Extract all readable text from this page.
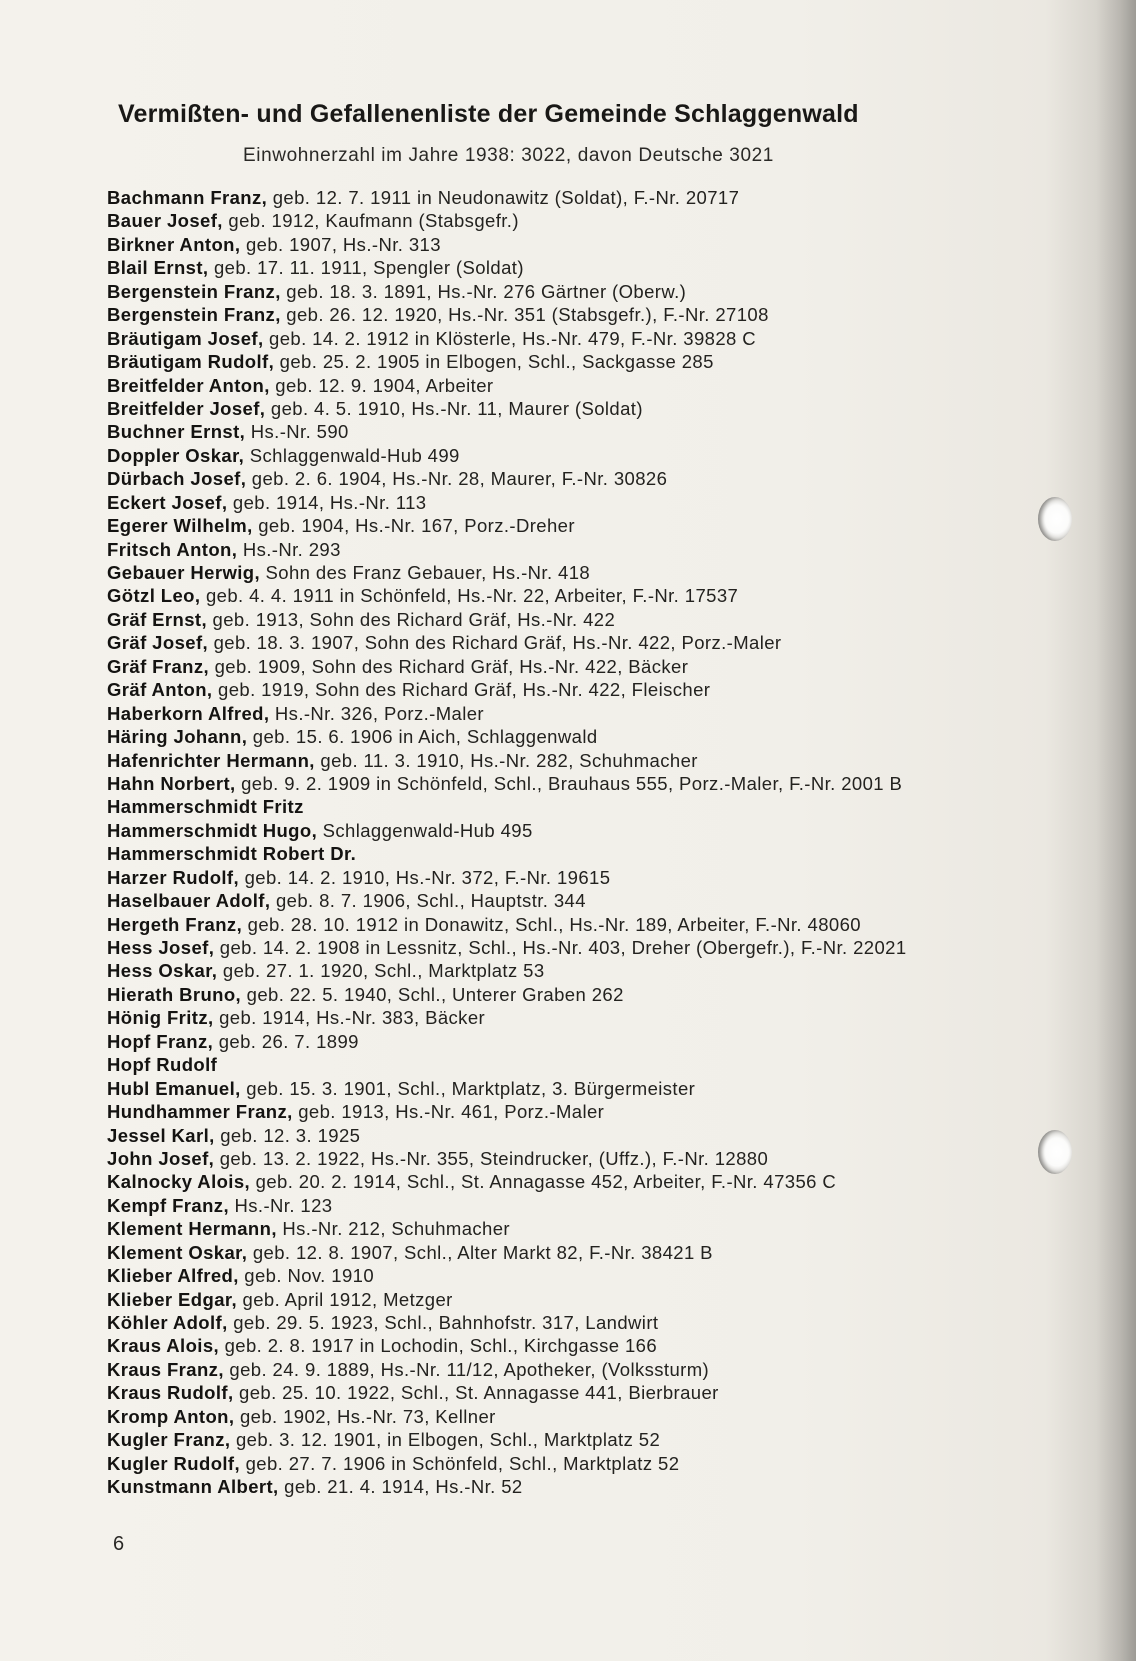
Vermißten- und Gefallenenliste der Gemeinde Schlaggenwald

Einwohnerzahl im Jahre 1938: 3022, davon Deutsche 3021

Bachmann Franz, geb. 12. 7. 1911 in Neudonawitz (Soldat), F.-Nr. 20717
Bauer Josef, geb. 1912, Kaufmann (Stabsgefr.)
Birkner Anton, geb. 1907, Hs.-Nr. 313
Blail Ernst, geb. 17. 11. 1911, Spengler (Soldat)
Bergenstein Franz, geb. 18. 3. 1891, Hs.-Nr. 276 Gärtner (Oberw.)
Bergenstein Franz, geb. 26. 12. 1920, Hs.-Nr. 351 (Stabsgefr.), F.-Nr. 27108
Bräutigam Josef, geb. 14. 2. 1912 in Klösterle, Hs.-Nr. 479, F.-Nr. 39828 C
Bräutigam Rudolf, geb. 25. 2. 1905 in Elbogen, Schl., Sackgasse 285
Breitfelder Anton, geb. 12. 9. 1904, Arbeiter
Breitfelder Josef, geb. 4. 5. 1910, Hs.-Nr. 11, Maurer (Soldat)
Buchner Ernst, Hs.-Nr. 590
Doppler Oskar, Schlaggenwald-Hub 499
Dürbach Josef, geb. 2. 6. 1904, Hs.-Nr. 28, Maurer, F.-Nr. 30826
Eckert Josef, geb. 1914, Hs.-Nr. 113
Egerer Wilhelm, geb. 1904, Hs.-Nr. 167, Porz.-Dreher
Fritsch Anton, Hs.-Nr. 293
Gebauer Herwig, Sohn des Franz Gebauer, Hs.-Nr. 418
Götzl Leo, geb. 4. 4. 1911 in Schönfeld, Hs.-Nr. 22, Arbeiter, F.-Nr. 17537
Gräf Ernst, geb. 1913, Sohn des Richard Gräf, Hs.-Nr. 422
Gräf Josef, geb. 18. 3. 1907, Sohn des Richard Gräf, Hs.-Nr. 422, Porz.-Maler
Gräf Franz, geb. 1909, Sohn des Richard Gräf, Hs.-Nr. 422, Bäcker
Gräf Anton, geb. 1919, Sohn des Richard Gräf, Hs.-Nr. 422, Fleischer
Haberkorn Alfred, Hs.-Nr. 326, Porz.-Maler
Häring Johann, geb. 15. 6. 1906 in Aich, Schlaggenwald
Hafenrichter Hermann, geb. 11. 3. 1910, Hs.-Nr. 282, Schuhmacher
Hahn Norbert, geb. 9. 2. 1909 in Schönfeld, Schl., Brauhaus 555, Porz.-Maler, F.-Nr. 2001 B
Hammerschmidt Fritz
Hammerschmidt Hugo, Schlaggenwald-Hub 495
Hammerschmidt Robert Dr.
Harzer Rudolf, geb. 14. 2. 1910, Hs.-Nr. 372, F.-Nr. 19615
Haselbauer Adolf, geb. 8. 7. 1906, Schl., Hauptstr. 344
Hergeth Franz, geb. 28. 10. 1912 in Donawitz, Schl., Hs.-Nr. 189, Arbeiter, F.-Nr. 48060
Hess Josef, geb. 14. 2. 1908 in Lessnitz, Schl., Hs.-Nr. 403, Dreher (Obergefr.), F.-Nr. 22021
Hess Oskar, geb. 27. 1. 1920, Schl., Marktplatz 53
Hierath Bruno, geb. 22. 5. 1940, Schl., Unterer Graben 262
Hönig Fritz, geb. 1914, Hs.-Nr. 383, Bäcker
Hopf Franz, geb. 26. 7. 1899
Hopf Rudolf
Hubl Emanuel, geb. 15. 3. 1901, Schl., Marktplatz, 3. Bürgermeister
Hundhammer Franz, geb. 1913, Hs.-Nr. 461, Porz.-Maler
Jessel Karl, geb. 12. 3. 1925
John Josef, geb. 13. 2. 1922, Hs.-Nr. 355, Steindrucker, (Uffz.), F.-Nr. 12880
Kalnocky Alois, geb. 20. 2. 1914, Schl., St. Annagasse 452, Arbeiter, F.-Nr. 47356 C
Kempf Franz, Hs.-Nr. 123
Klement Hermann, Hs.-Nr. 212, Schuhmacher
Klement Oskar, geb. 12. 8. 1907, Schl., Alter Markt 82, F.-Nr. 38421 B
Klieber Alfred, geb. Nov. 1910
Klieber Edgar, geb. April 1912, Metzger
Köhler Adolf, geb. 29. 5. 1923, Schl., Bahnhofstr. 317, Landwirt
Kraus Alois, geb. 2. 8. 1917 in Lochodin, Schl., Kirchgasse 166
Kraus Franz, geb. 24. 9. 1889, Hs.-Nr. 11/12, Apotheker, (Volkssturm)
Kraus Rudolf, geb. 25. 10. 1922, Schl., St. Annagasse 441, Bierbrauer
Kromp Anton, geb. 1902, Hs.-Nr. 73, Kellner
Kugler Franz, geb. 3. 12. 1901, in Elbogen, Schl., Marktplatz 52
Kugler Rudolf, geb. 27. 7. 1906 in Schönfeld, Schl., Marktplatz 52
Kunstmann Albert, geb. 21. 4. 1914, Hs.-Nr. 52

6
